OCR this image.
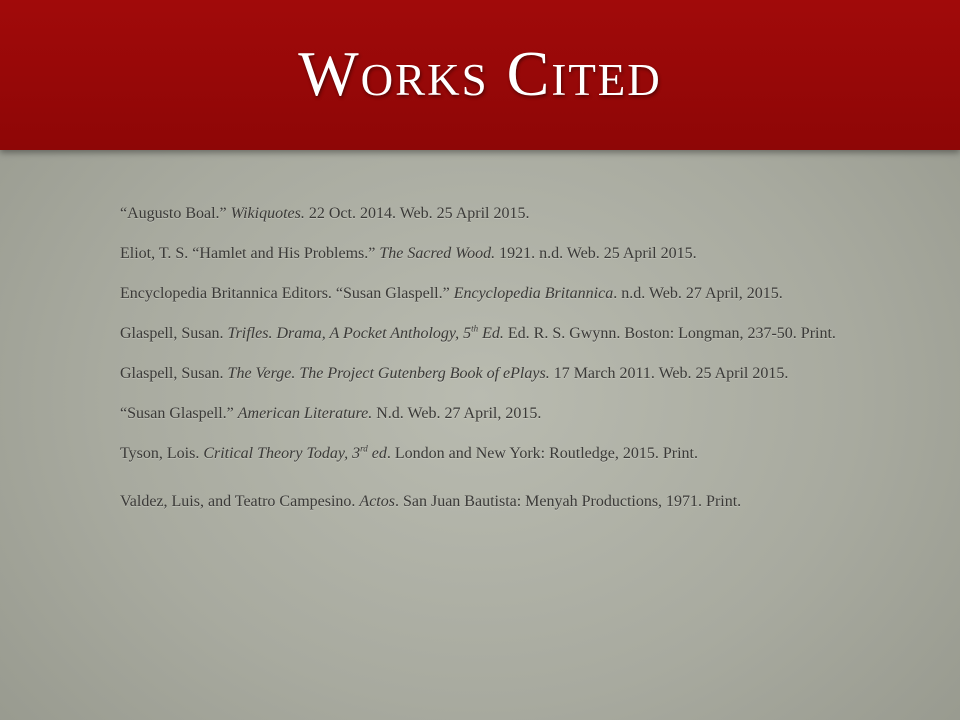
Works Cited

“Augusto Boal.” Wikiquotes. 22 Oct. 2014. Web. 25 April 2015.

Eliot, T. S. “Hamlet and His Problems.” The Sacred Wood. 1921. n.d. Web. 25 April 2015.

Encyclopedia Britannica Editors. “Susan Glaspell.” Encyclopedia Britannica. n.d. Web. 27 April, 2015.

Glaspell, Susan. Trifles. Drama, A Pocket Anthology, 5th Ed. Ed. R. S. Gwynn. Boston: Longman, 237-50. Print.

Glaspell, Susan. The Verge. The Project Gutenberg Book of ePlays. 17 March 2011. Web. 25 April 2015.

“Susan Glaspell.” American Literature. N.d. Web. 27 April, 2015.

Tyson, Lois. Critical Theory Today, 3rd ed. London and New York: Routledge, 2015. Print.

Valdez, Luis, and Teatro Campesino. Actos. San Juan Bautista: Menyah Productions, 1971. Print.
